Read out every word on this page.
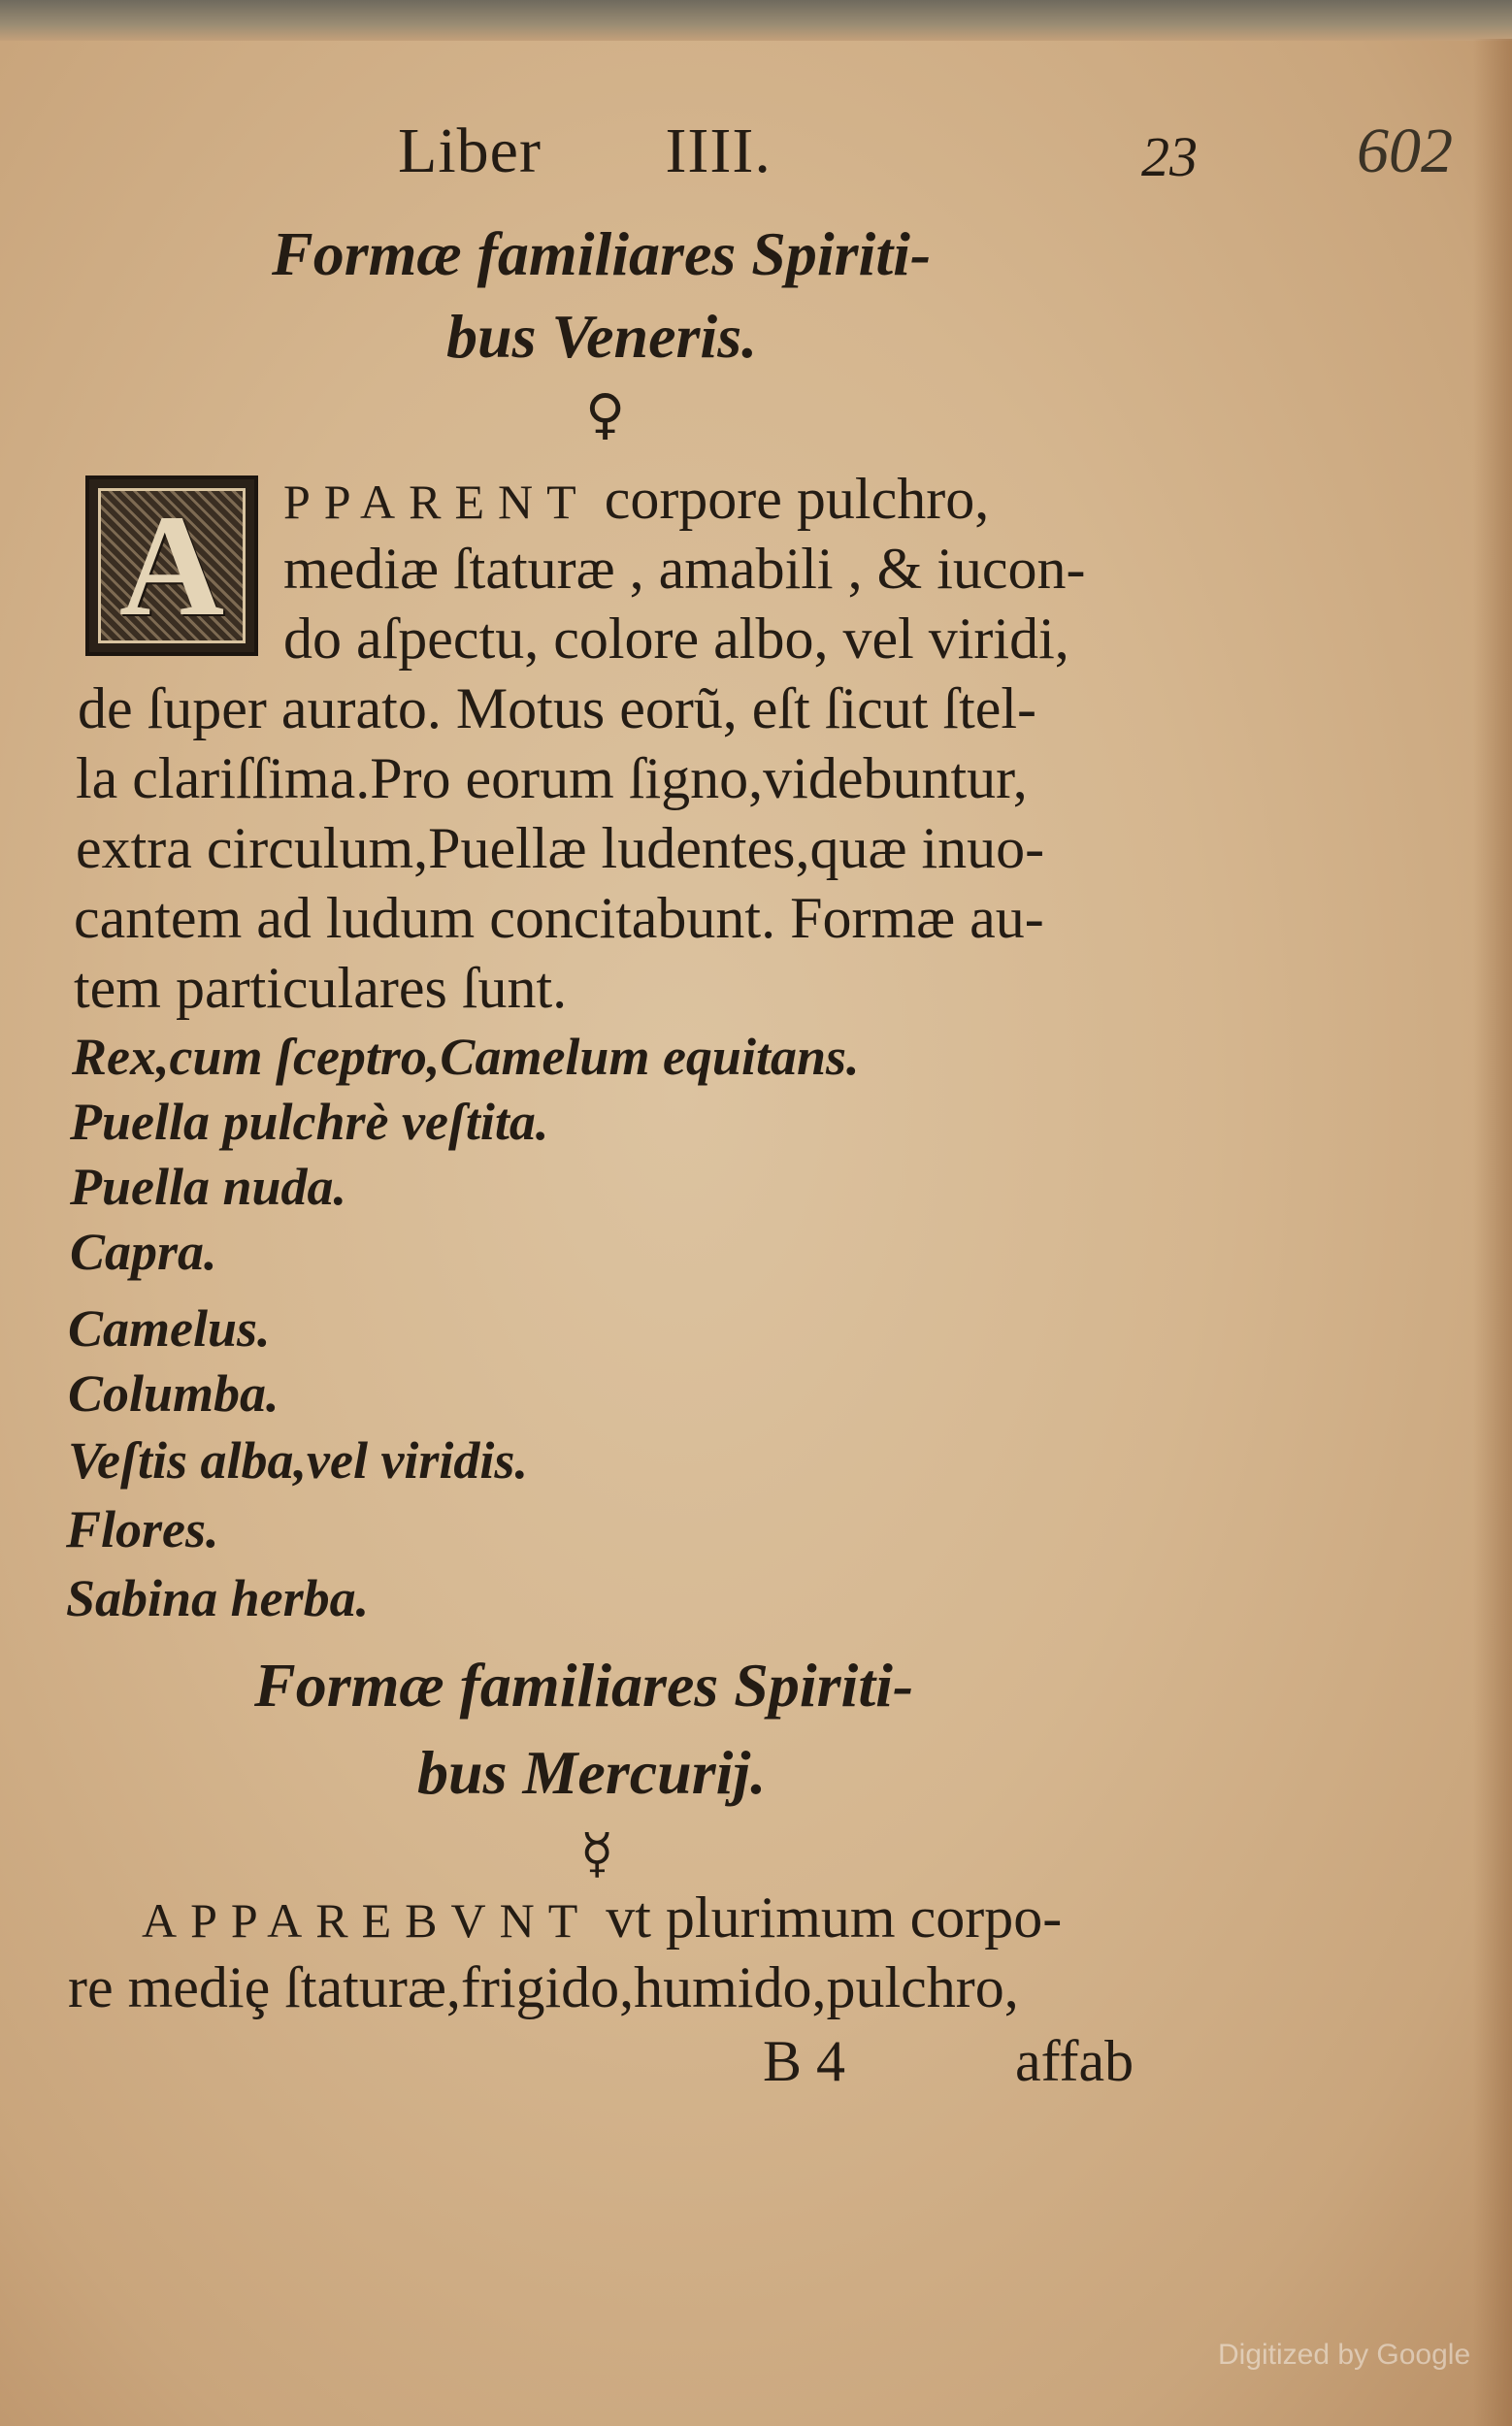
Liber IIII.	23 602
Formæ familiares Spiriti-
bus Veneris.
♀
A PPARENT corpore pulchro,
mediæ ſtaturæ , amabili , & iucon-
do aſpectu, colore albo, vel viridi,
de ſuper aurato. Motus eorũ, eſt ſicut ſtel-
la clariſſima.Pro eorum ſigno,videbuntur,
extra circulum,Puellæ ludentes,quæ inuo-
cantem ad ludum concitabunt. Formæ au-
tem particulares ſunt.
Rex,cum ſceptro,Camelum equitans.
Puella pulchrè veſtita.
Puella nuda.
Capra.
Camelus.
Columba.
Veſtis alba,vel viridis.
Flores.
Sabina herba.
Formæ familiares Spiriti-
bus Mercurij.
☿
APPAREBVNT vt plurimum corpo-
re mediȩ ſtaturæ,frigido,humido,pulchro,
B 4	affab
Digitized by Google
